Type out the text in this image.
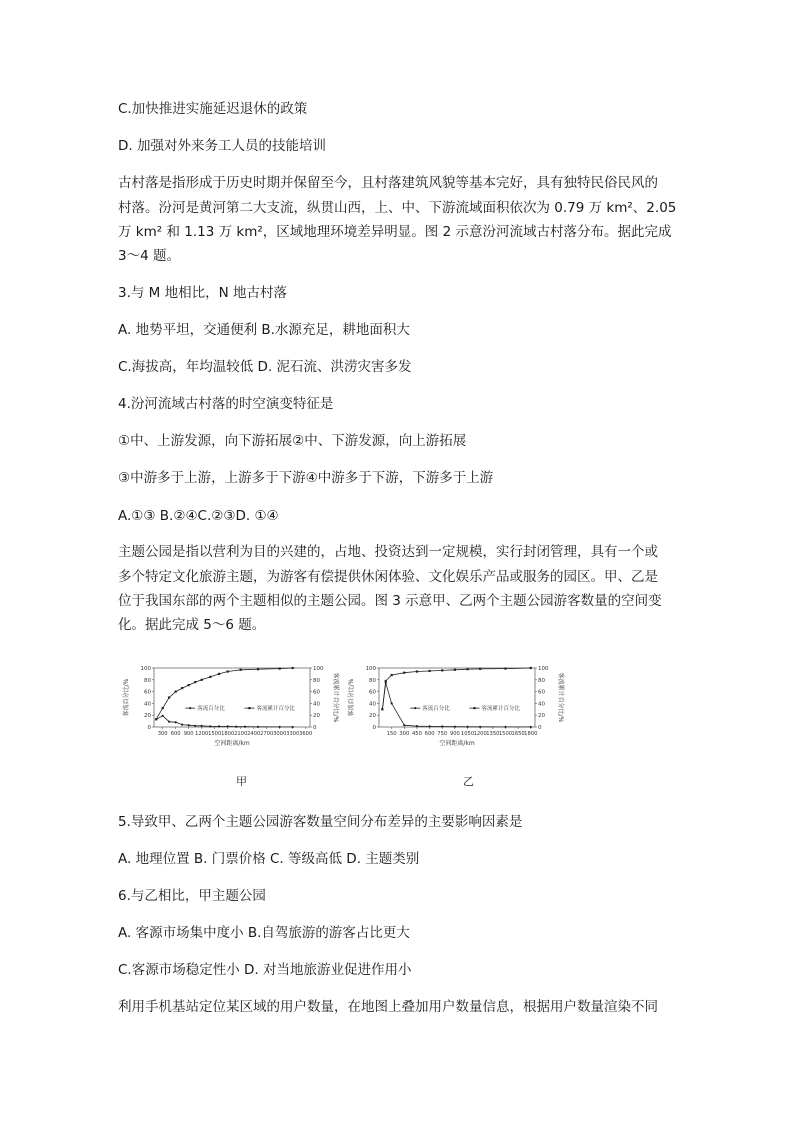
C.加快推进实施延迟退休的政策
D. 加强对外来务工人员的技能培训
古村落是指形成于历史时期并保留至今，且村落建筑风貌等基本完好，具有独特民俗民风的
村落。汾河是黄河第二大支流，纵贯山西，上、中、下游流域面积依次为 0.79 万 km²、2.05
万 km² 和 1.13 万 km²，区域地理环境差异明显。图 2 示意汾河流域古村落分布。据此完成
3～4 题。
3.与 M 地相比，N 地古村落
A. 地势平坦，交通便利 B.水源充足，耕地面积大
C.海拔高，年均温较低 D. 泥石流、洪涝灾害多发
4.汾河流域古村落的时空演变特征是
①中、上游发源，向下游拓展②中、下游发源，向上游拓展
③中游多于上游，上游多于下游④中游多于下游，下游多于上游
A.①③ B.②④C.②③D. ①④
主题公园是指以营利为目的兴建的，占地、投资达到一定规模，实行封闭管理，具有一个或
多个特定文化旅游主题，为游客有偿提供休闲体验、文化娱乐产品或服务的园区。甲、乙是
位于我国东部的两个主题相似的主题公园。图 3 示意甲、乙两个主题公园游客数量的空间变
化。据此完成 5～6 题。
0	0
20	20
40	40
60	60
80	80
100	100
300 600 900 1200 1500 1800 2100 2400 2700 3000 3300 3600
空间距离/km
客流百分比/%	客流累计百分比/%
客流百分比	客流累计百分比
甲
0	0
20	20
40	40
60	60
80	80
100	100
150 300 450 600 750 900 1050 1200 1350 1500 1650 1800
空间距离/km
客流百分比/%	客流累计百分比/%
客流百分比	客流累计百分比
乙
5.导致甲、乙两个主题公园游客数量空间分布差异的主要影响因素是
A. 地理位置 B. 门票价格 C. 等级高低 D. 主题类别
6.与乙相比，甲主题公园
A. 客源市场集中度小 B.自驾旅游的游客占比更大
C.客源市场稳定性小 D. 对当地旅游业促进作用小
利用手机基站定位某区域的用户数量，在地图上叠加用户数量信息，根据用户数量渲染不同
